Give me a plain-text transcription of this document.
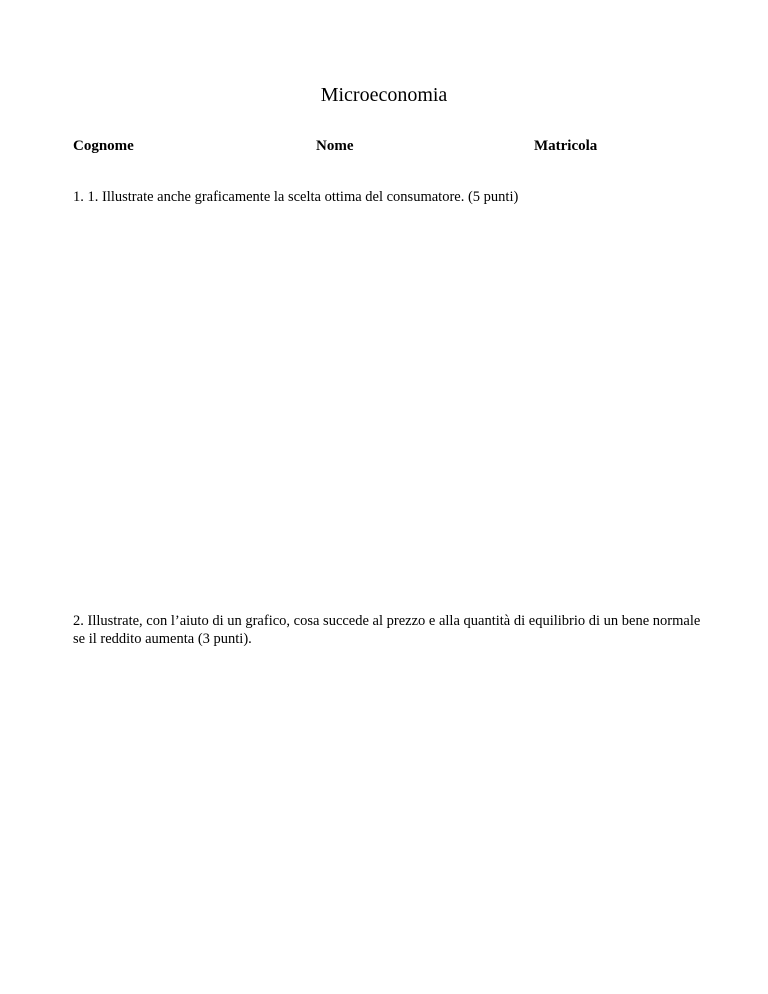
Microeconomia
Cognome	Nome	Matricola
1. 1. Illustrate anche graficamente la scelta ottima del consumatore. (5 punti)
2. Illustrate, con l’aiuto di un grafico, cosa succede al prezzo e alla quantità di equilibrio di un bene normale se il reddito aumenta (3 punti).
